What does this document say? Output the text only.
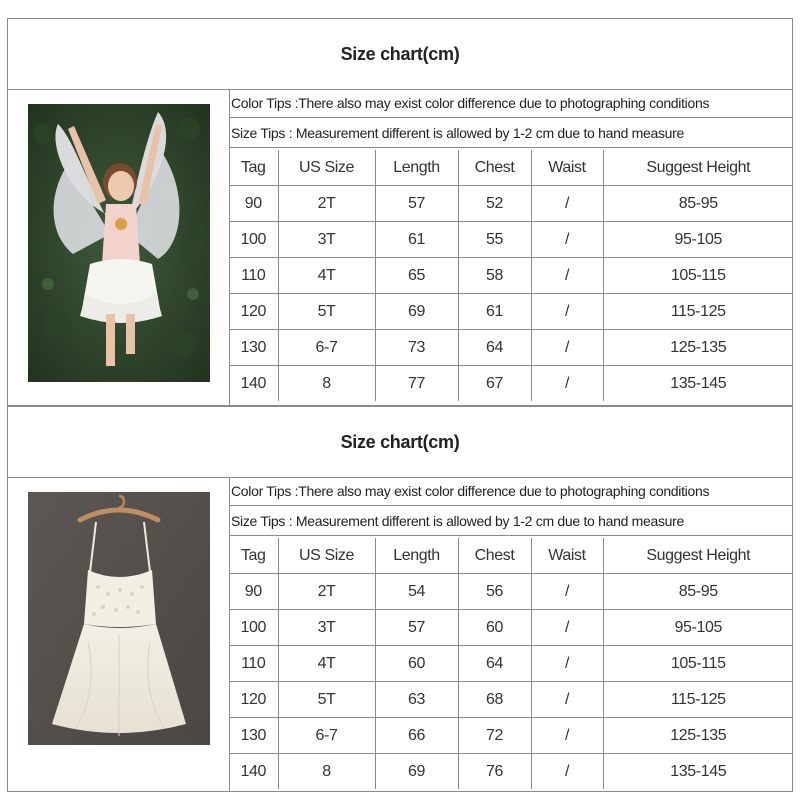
Size chart(cm)
Color Tips :There also may exist color difference due to photographing conditions
Size Tips : Measurement different is allowed by 1-2 cm due to hand measure
Tag	US Size	Length	Chest	Waist	Suggest Height
90	2T	57	52	/	85-95
100	3T	61	55	/	95-105
110	4T	65	58	/	105-115
120	5T	69	61	/	115-125
130	6-7	73	64	/	125-135
140	8	77	67	/	135-145
Size chart(cm)
Color Tips :There also may exist color difference due to photographing conditions
Size Tips : Measurement different is allowed by 1-2 cm due to hand measure
Tag	US Size	Length	Chest	Waist	Suggest Height
90	2T	54	56	/	85-95
100	3T	57	60	/	95-105
110	4T	60	64	/	105-115
120	5T	63	68	/	115-125
130	6-7	66	72	/	125-135
140	8	69	76	/	135-145
